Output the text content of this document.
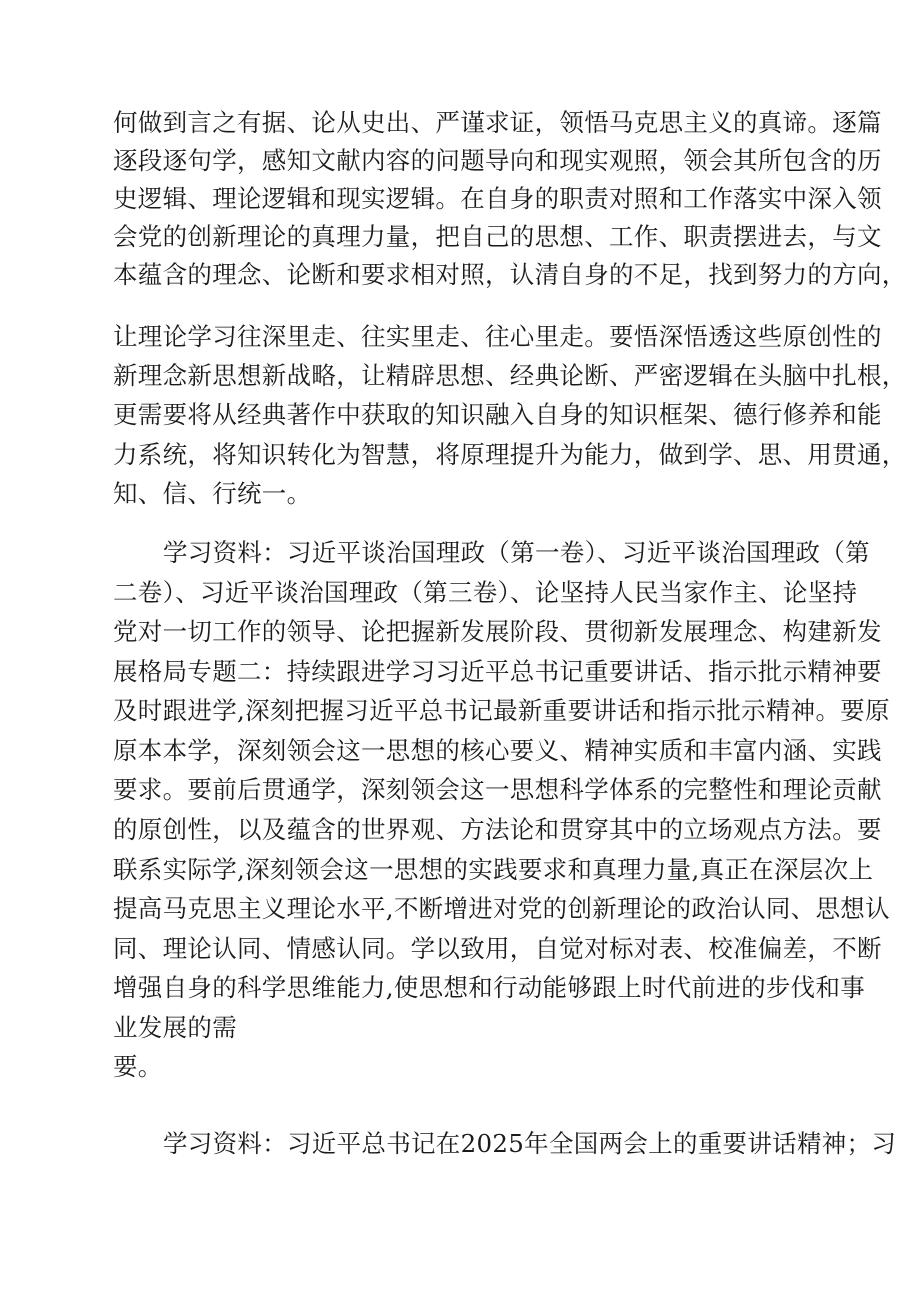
何做到言之有据、论从史出、严谨求证，领悟马克思主义的真谛。逐篇
逐段逐句学，感知文献内容的问题导向和现实观照，领会其所包含的历
史逻辑、理论逻辑和现实逻辑。在自身的职责对照和工作落实中深入领
会党的创新理论的真理力量，把自己的思想、工作、职责摆进去，与文
本蕴含的理念、论断和要求相对照，认清自身的不足，找到努力的方向，
让理论学习往深里走、往实里走、往心里走。要悟深悟透这些原创性的
新理念新思想新战略，让精辟思想、经典论断、严密逻辑在头脑中扎根，
更需要将从经典著作中获取的知识融入自身的知识框架、德行修养和能
力系统，将知识转化为智慧，将原理提升为能力，做到学、思、用贯通，
知、信、行统一。
学习资料：习近平谈治国理政（第一卷）、习近平谈治国理政（第
二卷）、习近平谈治国理政（第三卷）、论坚持人民当家作主、论坚持
党对一切工作的领导、论把握新发展阶段、贯彻新发展理念、构建新发
展格局专题二：持续跟进学习习近平总书记重要讲话、指示批示精神要
及时跟进学,深刻把握习近平总书记最新重要讲话和指示批示精神。要原
原本本学，深刻领会这一思想的核心要义、精神实质和丰富内涵、实践
要求。要前后贯通学，深刻领会这一思想科学体系的完整性和理论贡献
的原创性，以及蕴含的世界观、方法论和贯穿其中的立场观点方法。要
联系实际学,深刻领会这一思想的实践要求和真理力量,真正在深层次上
提高马克思主义理论水平,不断增进对党的创新理论的政治认同、思想认
同、理论认同、情感认同。学以致用，自觉对标对表、校准偏差，不断
增强自身的科学思维能力,使思想和行动能够跟上时代前进的步伐和事
业发展的需
要。
学习资料：习近平总书记在2025年全国两会上的重要讲话精神；习
